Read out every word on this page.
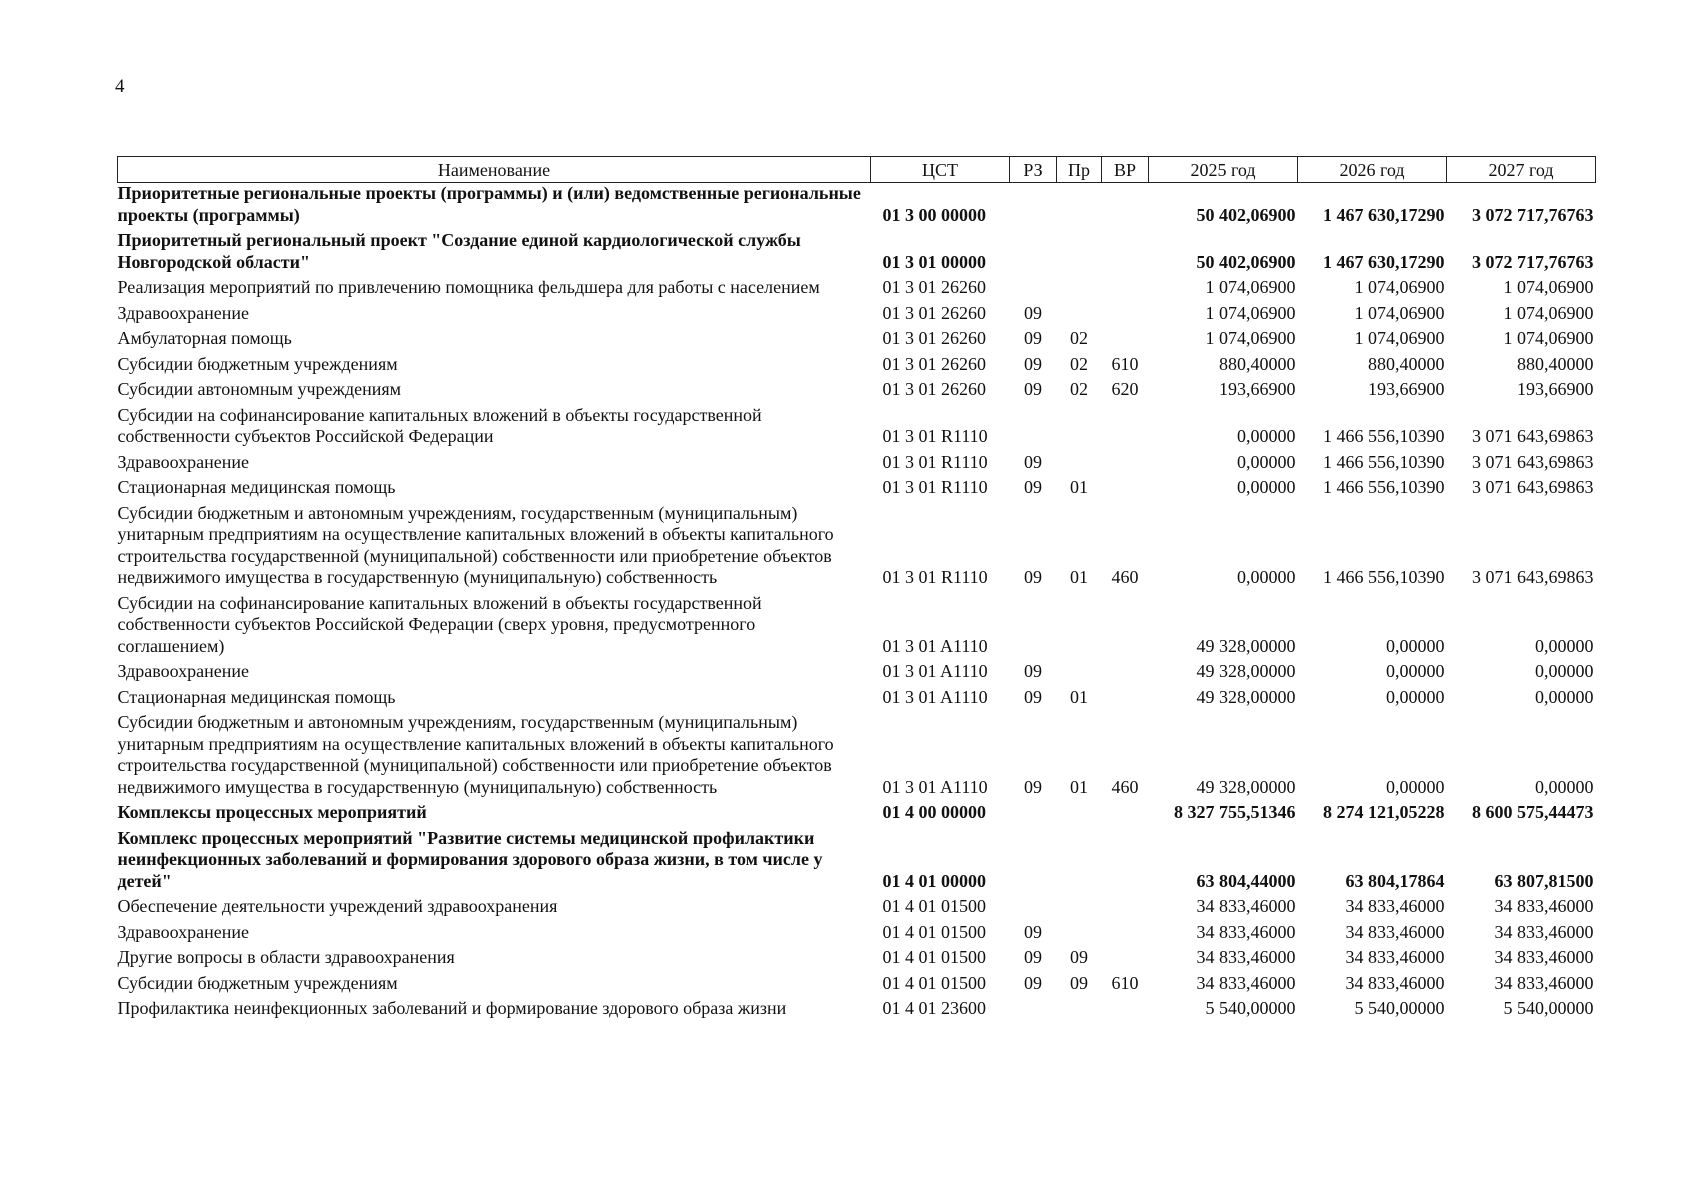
4
Наименование	ЦСТ	РЗ	Пр	ВР	2025 год	2026 год	2027 год
Приоритетные региональные проекты (программы) и (или) ведомственные региональные проекты (программы)	01 3 00 00000				50 402,06900	1 467 630,17290	3 072 717,76763
Приоритетный региональный проект "Создание единой кардиологической службы Новгородской области"	01 3 01 00000				50 402,06900	1 467 630,17290	3 072 717,76763
Реализация мероприятий по привлечению помощника фельдшера для работы с населением	01 3 01 26260				1 074,06900	1 074,06900	1 074,06900
Здравоохранение	01 3 01 26260	09			1 074,06900	1 074,06900	1 074,06900
Амбулаторная помощь	01 3 01 26260	09	02		1 074,06900	1 074,06900	1 074,06900
Субсидии бюджетным учреждениям	01 3 01 26260	09	02	610	880,40000	880,40000	880,40000
Субсидии автономным учреждениям	01 3 01 26260	09	02	620	193,66900	193,66900	193,66900
Субсидии на софинансирование капитальных вложений в объекты государственной собственности субъектов Российской Федерации	01 3 01 R1110				0,00000	1 466 556,10390	3 071 643,69863
Здравоохранение	01 3 01 R1110	09			0,00000	1 466 556,10390	3 071 643,69863
Стационарная медицинская помощь	01 3 01 R1110	09	01		0,00000	1 466 556,10390	3 071 643,69863
Субсидии бюджетным и автономным учреждениям, государственным (муниципальным) унитарным предприятиям на осуществление капитальных вложений в объекты капитального строительства государственной (муниципальной) собственности или приобретение объектов недвижимого имущества в государственную (муниципальную) собственность	01 3 01 R1110	09	01	460	0,00000	1 466 556,10390	3 071 643,69863
Субсидии на софинансирование капитальных вложений в объекты государственной собственности субъектов Российской Федерации (сверх уровня, предусмотренного соглашением)	01 3 01 A1110				49 328,00000	0,00000	0,00000
Здравоохранение	01 3 01 A1110	09			49 328,00000	0,00000	0,00000
Стационарная медицинская помощь	01 3 01 A1110	09	01		49 328,00000	0,00000	0,00000
Субсидии бюджетным и автономным учреждениям, государственным (муниципальным) унитарным предприятиям на осуществление капитальных вложений в объекты капитального строительства государственной (муниципальной) собственности или приобретение объектов недвижимого имущества в государственную (муниципальную) собственность	01 3 01 A1110	09	01	460	49 328,00000	0,00000	0,00000
Комплексы процессных мероприятий	01 4 00 00000				8 327 755,51346	8 274 121,05228	8 600 575,44473
Комплекс процессных мероприятий "Развитие системы медицинской профилактики неинфекционных заболеваний и формирования здорового образа жизни, в том числе у детей"	01 4 01 00000				63 804,44000	63 804,17864	63 807,81500
Обеспечение деятельности учреждений здравоохранения	01 4 01 01500				34 833,46000	34 833,46000	34 833,46000
Здравоохранение	01 4 01 01500	09			34 833,46000	34 833,46000	34 833,46000
Другие вопросы в области здравоохранения	01 4 01 01500	09	09		34 833,46000	34 833,46000	34 833,46000
Субсидии бюджетным учреждениям	01 4 01 01500	09	09	610	34 833,46000	34 833,46000	34 833,46000
Профилактика неинфекционных заболеваний и формирование здорового образа жизни	01 4 01 23600				5 540,00000	5 540,00000	5 540,00000
